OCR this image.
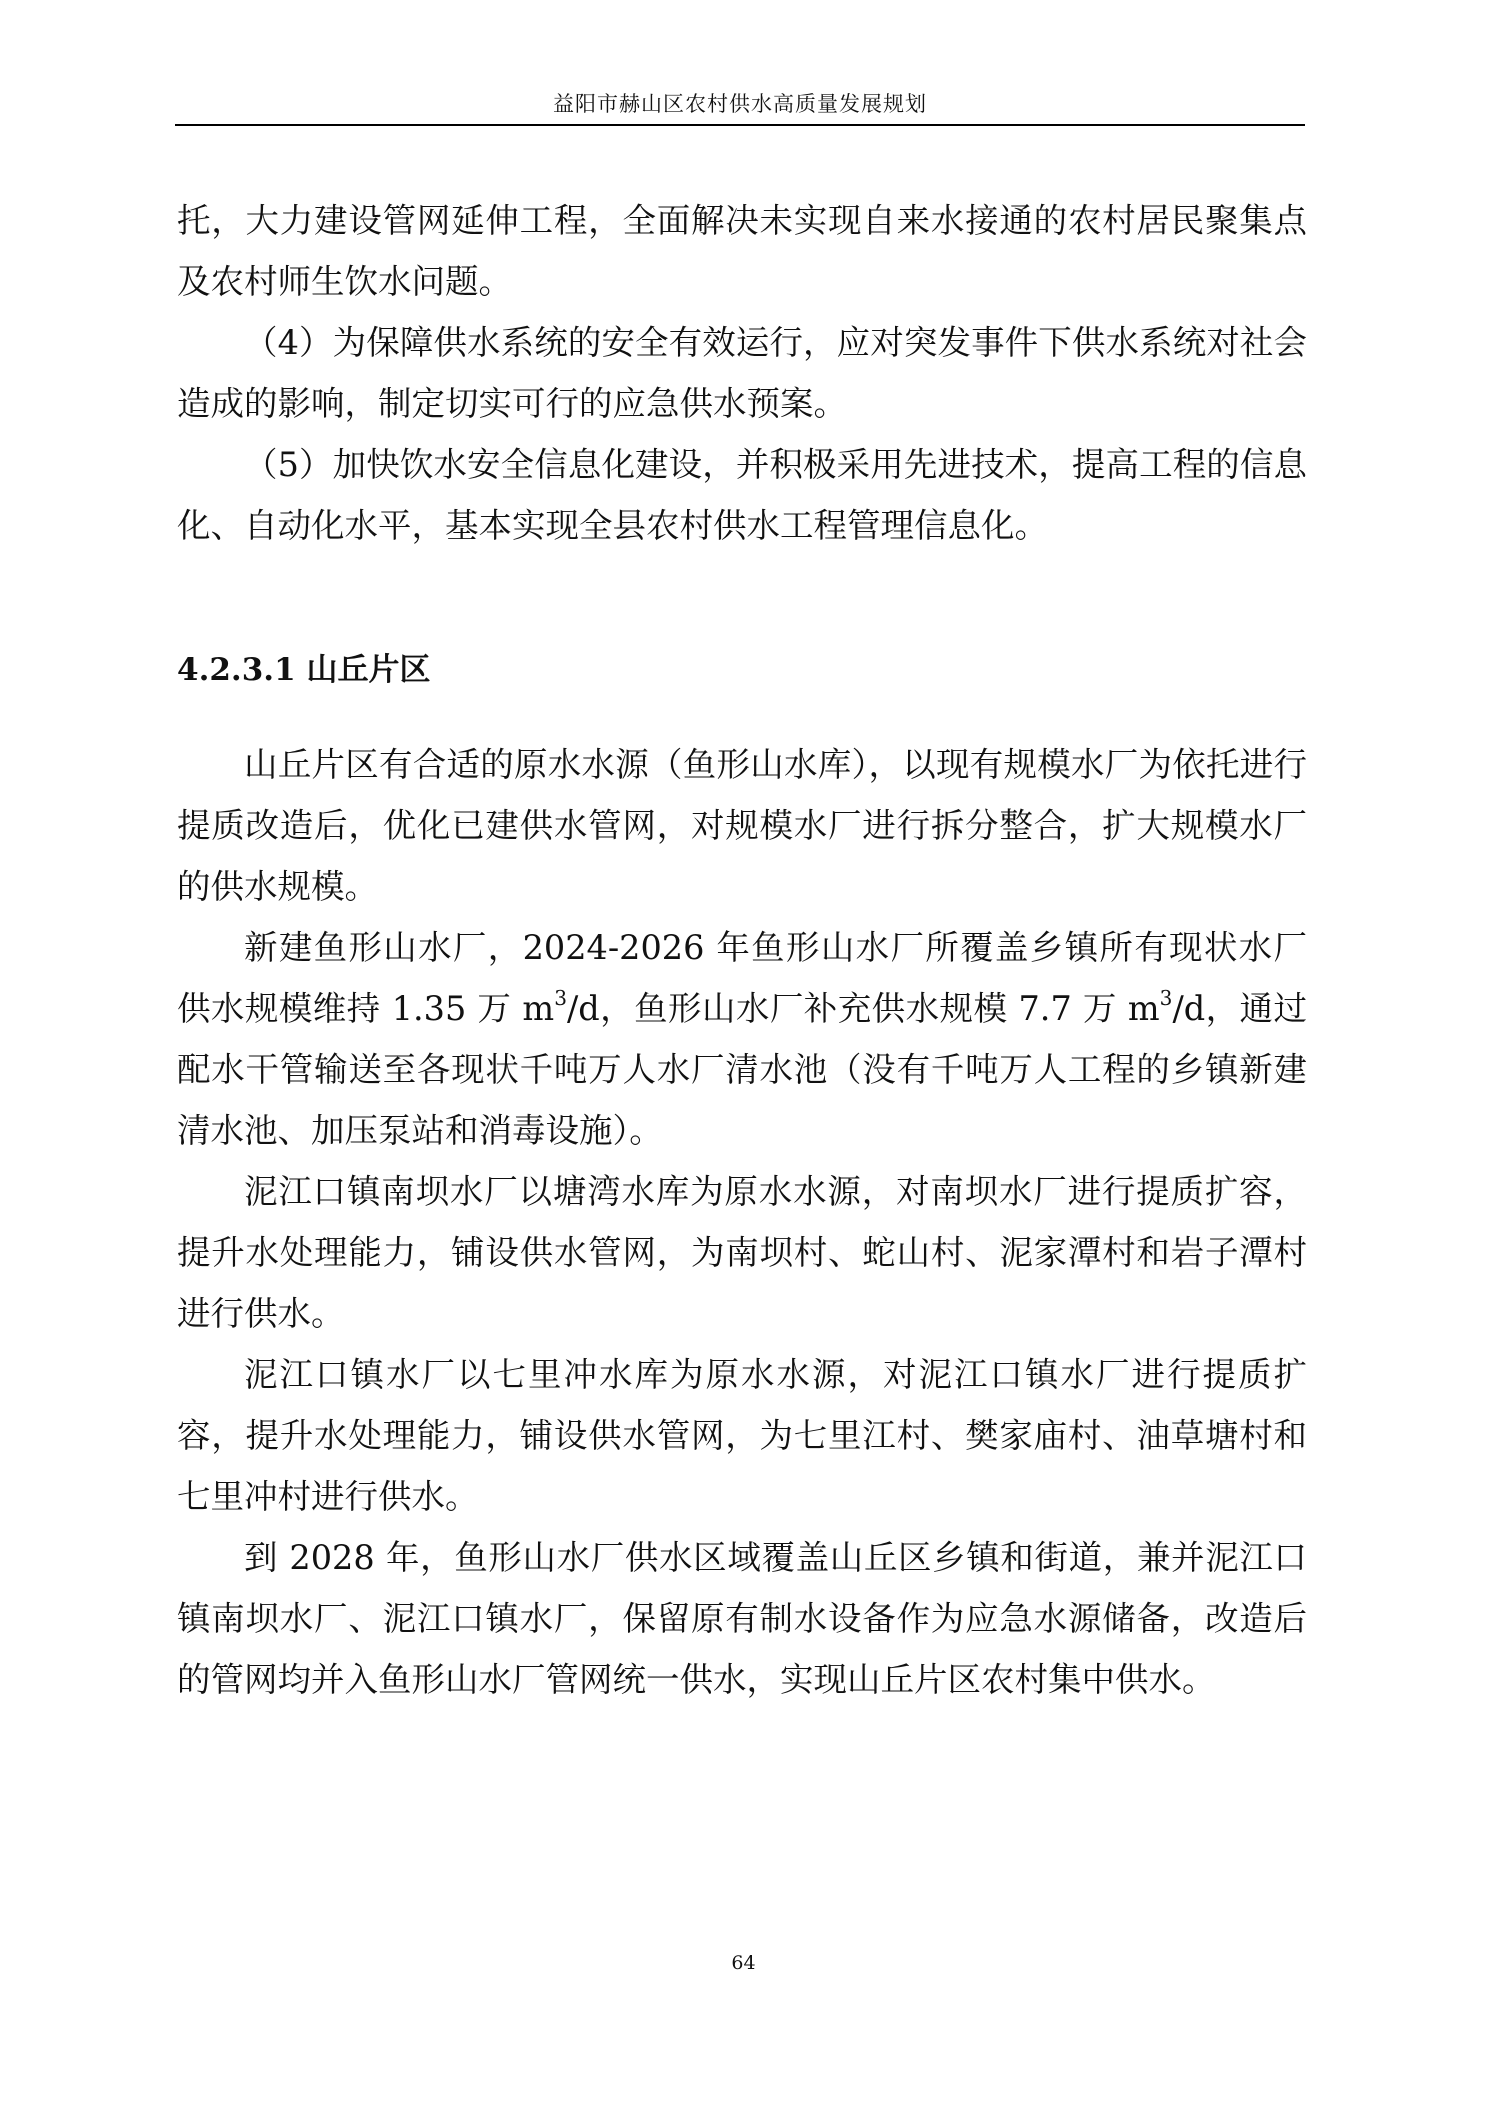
益阳市赫山区农村供水高质量发展规划

托，大力建设管网延伸工程，全面解决未实现自来水接通的农村居民聚集点及农村师生饮水问题。

（4）为保障供水系统的安全有效运行，应对突发事件下供水系统对社会造成的影响，制定切实可行的应急供水预案。

（5）加快饮水安全信息化建设，并积极采用先进技术，提高工程的信息化、自动化水平，基本实现全县农村供水工程管理信息化。

4.2.3.1 山丘片区

山丘片区有合适的原水水源（鱼形山水库），以现有规模水厂为依托进行提质改造后，优化已建供水管网，对规模水厂进行拆分整合，扩大规模水厂的供水规模。

新建鱼形山水厂，2024-2026 年鱼形山水厂所覆盖乡镇所有现状水厂供水规模维持 1.35 万 $m^3/d$，鱼形山水厂补充供水规模 7.7 万 $m^3/d$，通过配水干管输送至各现状千吨万人水厂清水池（没有千吨万人工程的乡镇新建清水池、加压泵站和消毒设施）。

泥江口镇南坝水厂以塘湾水库为原水水源，对南坝水厂进行提质扩容，提升水处理能力，铺设供水管网，为南坝村、蛇山村、泥家潭村和岩子潭村进行供水。

泥江口镇水厂以七里冲水库为原水水源，对泥江口镇水厂进行提质扩容，提升水处理能力，铺设供水管网，为七里江村、樊家庙村、油草塘村和七里冲村进行供水。

到 2028 年，鱼形山水厂供水区域覆盖山丘区乡镇和街道，兼并泥江口镇南坝水厂、泥江口镇水厂，保留原有制水设备作为应急水源储备，改造后的管网均并入鱼形山水厂管网统一供水，实现山丘片区农村集中供水。

64
